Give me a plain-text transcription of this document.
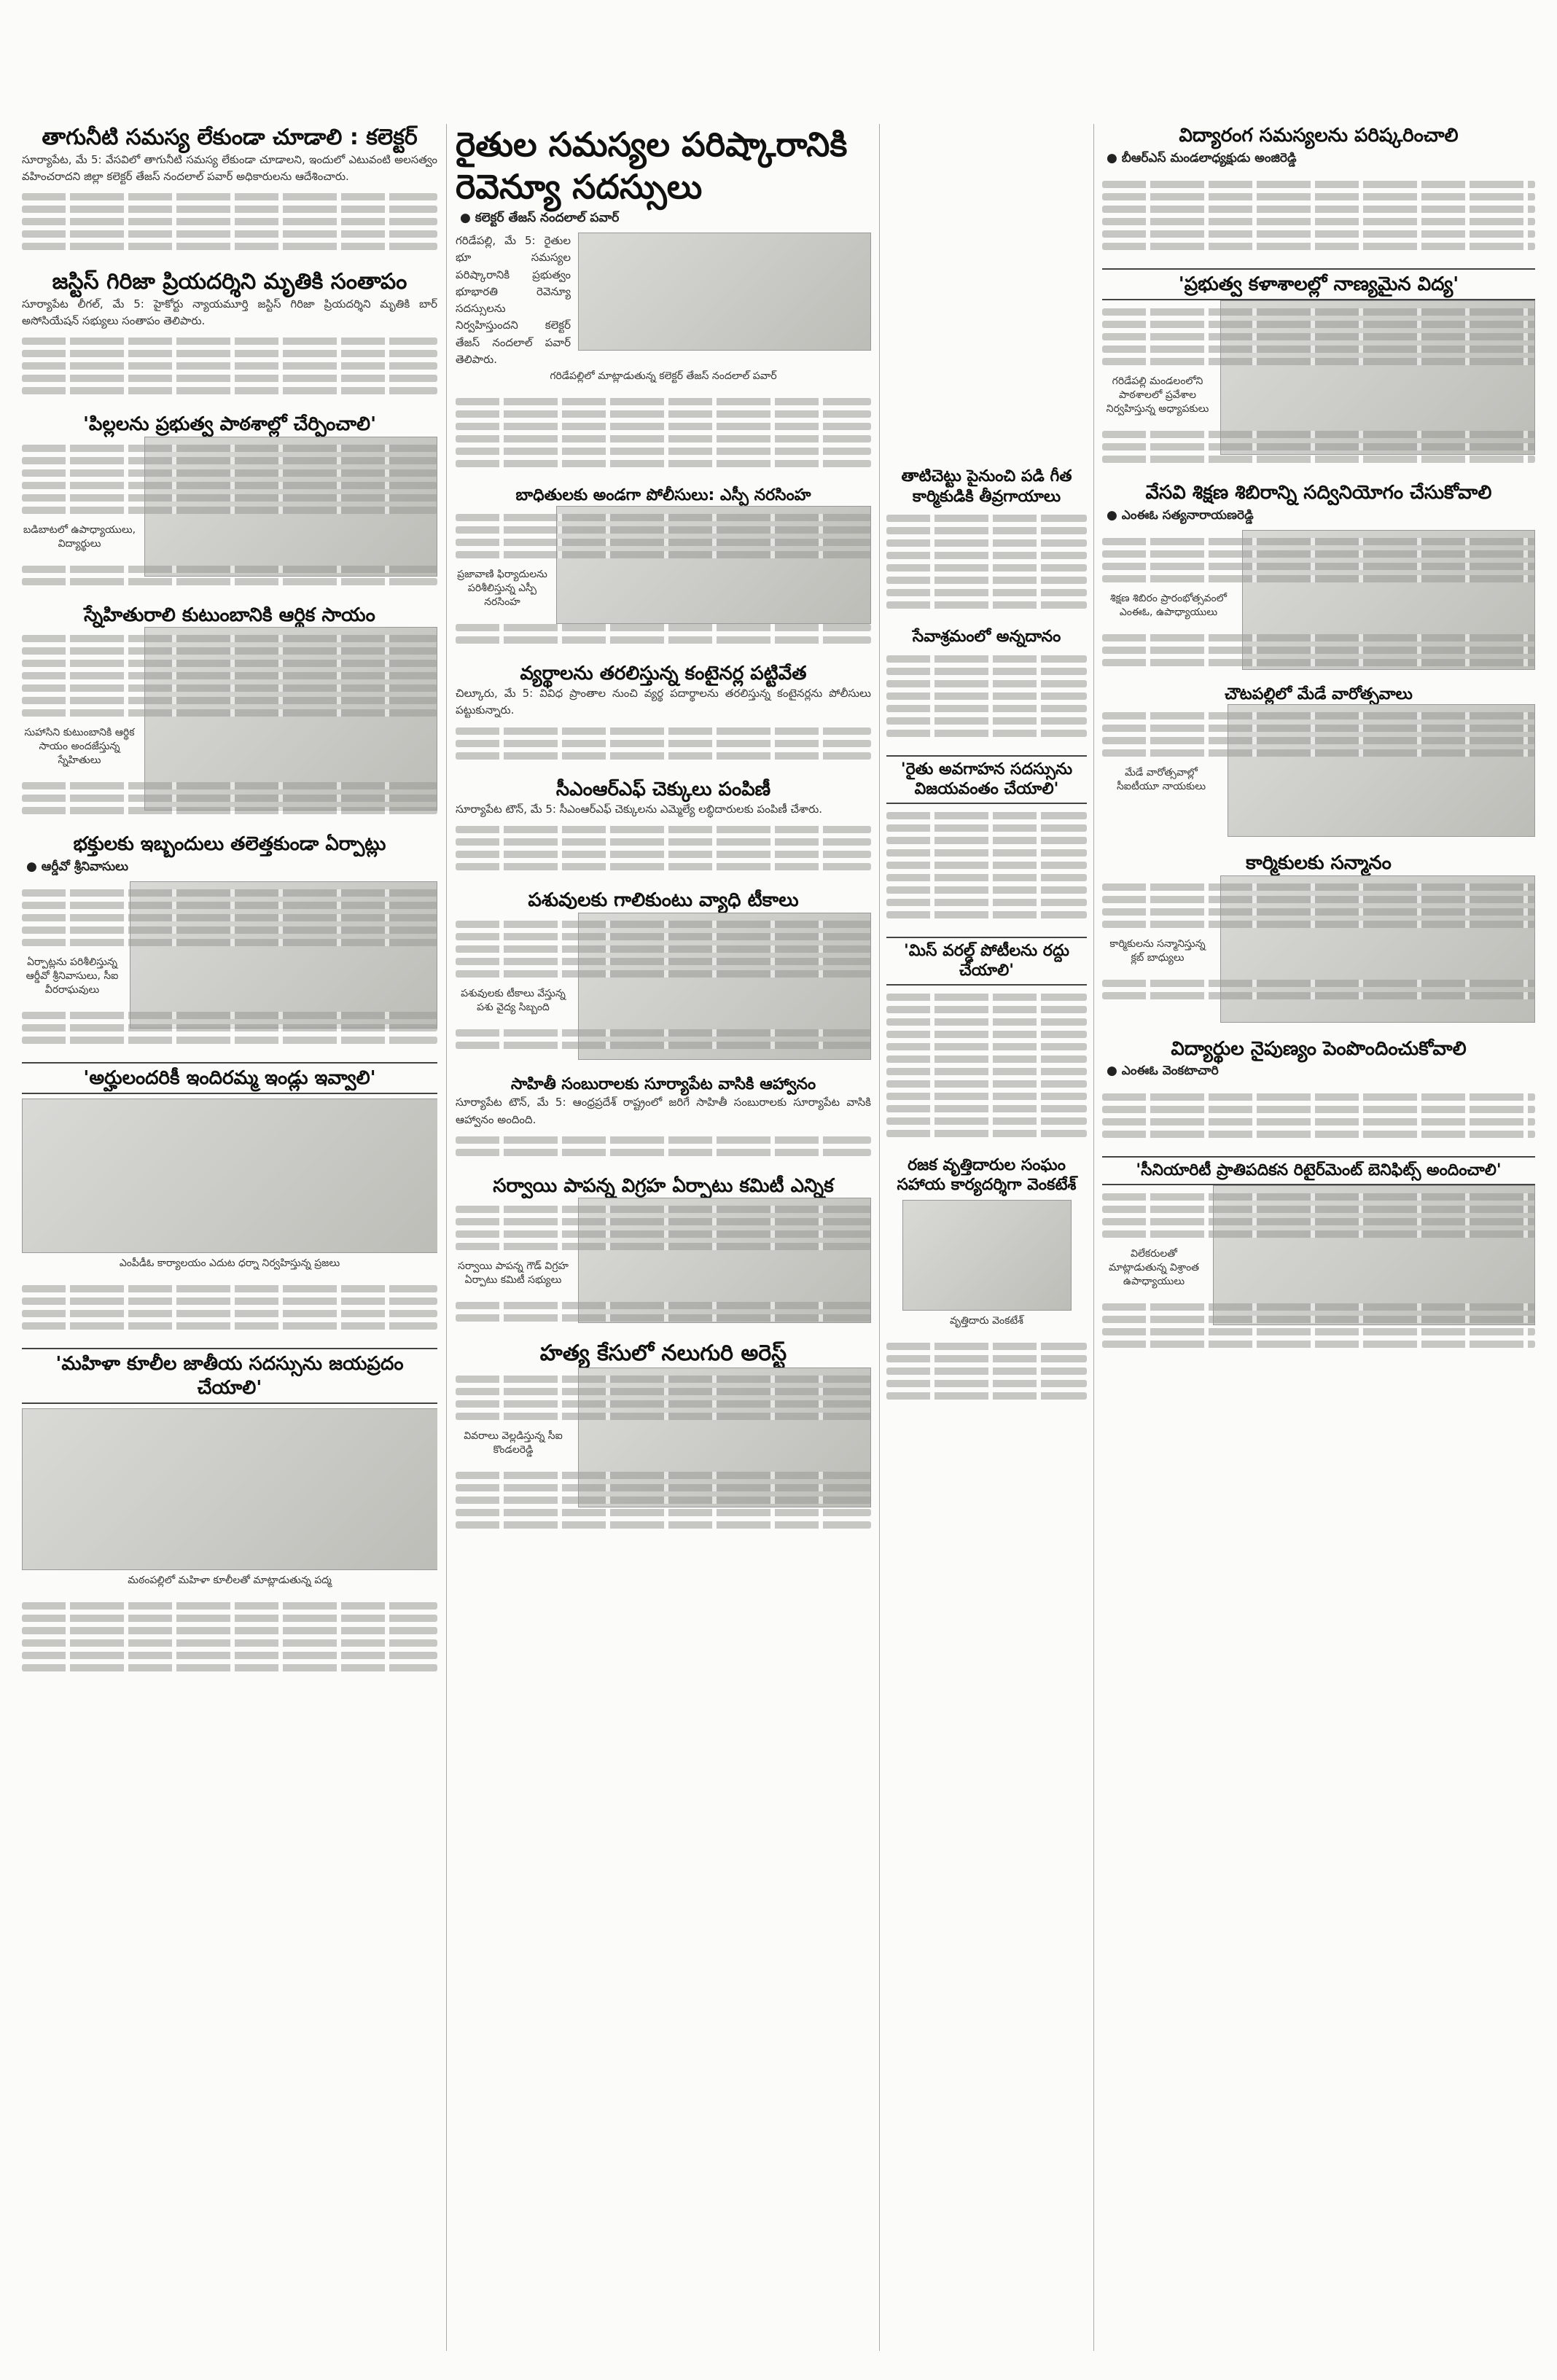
తాగునీటి సమస్య లేకుండా చూడాలి : కలెక్టర్
సూర్యాపేట, మే 5: వేసవిలో తాగునీటి సమస్య లేకుండా చూడాలని, ఇందులో ఎటువంటి అలసత్వం వహించరాదని జిల్లా కలెక్టర్ తేజస్ నందలాల్ పవార్ అధికారులను ఆదేశించారు.
జస్టిస్ గిరిజా ప్రియదర్శిని మృతికి సంతాపం
సూర్యాపేట లీగల్, మే 5: హైకోర్టు న్యాయమూర్తి జస్టిస్ గిరిజా ప్రియదర్శిని మృతికి బార్ అసోసియేషన్ సభ్యులు సంతాపం తెలిపారు.
'పిల్లలను ప్రభుత్వ పాఠశాల్లో చేర్పించాలి'
బడిబాటలో ఉపాధ్యాయులు, విద్యార్థులు
స్నేహితురాలి కుటుంబానికి ఆర్థిక సాయం
సుహాసిని కుటుంబానికి ఆర్థిక సాయం అందజేస్తున్న స్నేహితులు
భక్తులకు ఇబ్బందులు తలెత్తకుండా ఏర్పాట్లు
● ఆర్డీవో శ్రీనివాసులు
ఏర్పాట్లను పరిశీలిస్తున్న ఆర్డీవో శ్రీనివాసులు, సీఐ వీరరాఘవులు
'అర్హులందరికీ ఇందిరమ్మ ఇండ్లు ఇవ్వాలి'
ఎంపీడీఓ కార్యాలయం ఎదుట ధర్నా నిర్వహిస్తున్న ప్రజలు
'మహిళా కూలీల జాతీయ సదస్సును జయప్రదం చేయాలి'
మఠంపల్లిలో మహిళా కూలీలతో మాట్లాడుతున్న పద్మ
రైతుల సమస్యల పరిష్కారానికి రెవెన్యూ సదస్సులు
● కలెక్టర్ తేజస్ నందలాల్ పవార్
గరిడేపల్లి, మే 5: రైతుల భూ సమస్యల పరిష్కారానికి ప్రభుత్వం భూభారతి రెవెన్యూ సదస్సులను నిర్వహిస్తుందని కలెక్టర్ తేజస్ నందలాల్ పవార్ తెలిపారు.
గరిడేపల్లిలో మాట్లాడుతున్న కలెక్టర్ తేజస్ నందలాల్ పవార్
బాధితులకు అండగా పోలీసులు: ఎస్పీ నరసింహ
ప్రజావాణి ఫిర్యాదులను పరిశీలిస్తున్న ఎస్పీ నరసింహ
వ్యర్థాలను తరలిస్తున్న కంటైనర్ల పట్టివేత
చిల్కూరు, మే 5: వివిధ ప్రాంతాల నుంచి వ్యర్థ పదార్థాలను తరలిస్తున్న కంటైనర్లను పోలీసులు పట్టుకున్నారు.
సీఎంఆర్ఎఫ్ చెక్కులు పంపిణీ
సూర్యాపేట టౌన్, మే 5: సీఎంఆర్ఎఫ్ చెక్కులను ఎమ్మెల్యే లబ్ధిదారులకు పంపిణీ చేశారు.
పశువులకు గాలికుంటు వ్యాధి టీకాలు
పశువులకు టీకాలు వేస్తున్న పశు వైద్య సిబ్బంది
సాహితీ సంబురాలకు సూర్యాపేట వాసికి ఆహ్వానం
సూర్యాపేట టౌన్, మే 5: ఆంధ్రప్రదేశ్ రాష్ట్రంలో జరిగే సాహితీ సంబురాలకు సూర్యాపేట వాసికి ఆహ్వానం అందింది.
సర్వాయి పాపన్న విగ్రహ ఏర్పాటు కమిటీ ఎన్నిక
సర్వాయి పాపన్న గౌడ్ విగ్రహ ఏర్పాటు కమిటీ సభ్యులు
హత్య కేసులో నలుగురి అరెస్ట్
వివరాలు వెల్లడిస్తున్న సీఐ కొండలరెడ్డి
తాటిచెట్టు పైనుంచి పడి గీత కార్మికుడికి తీవ్రగాయాలు
సేవాశ్రమంలో అన్నదానం
'రైతు అవగాహన సదస్సును విజయవంతం చేయాలి'
'మిస్ వరల్డ్ పోటీలను రద్దు చేయాలి'
రజక వృత్తిదారుల సంఘం సహాయ కార్యదర్శిగా వెంకటేశ్
వృత్తిదారు వెంకటేశ్
విద్యారంగ సమస్యలను పరిష్కరించాలి
● బీఆర్ఎస్ మండలాధ్యక్షుడు అంజిరెడ్డి
'ప్రభుత్వ కళాశాలల్లో నాణ్యమైన విద్య'
గరిడేపల్లి మండలంలోని పాఠశాలలో ప్రవేశాల నిర్వహిస్తున్న అధ్యాపకులు
వేసవి శిక్షణ శిబిరాన్ని సద్వినియోగం చేసుకోవాలి
● ఎంఈఓ సత్యనారాయణరెడ్డి
శిక్షణ శిబిరం ప్రారంభోత్సవంలో ఎంఈఓ, ఉపాధ్యాయులు
చౌటపల్లిలో మేడే వారోత్సవాలు
మేడే వారోత్సవాల్లో సీఐటీయూ నాయకులు
కార్మికులకు సన్మానం
కార్మికులను సన్మానిస్తున్న క్లబ్ బాధ్యులు
విద్యార్థుల నైపుణ్యం పెంపొందించుకోవాలి
● ఎంఈఓ వెంకటాచారి
'సీనియారిటీ ప్రాతిపదికన రిటైర్‌మెంట్ బెనిఫిట్స్ అందించాలి'
విలేకరులతో మాట్లాడుతున్న విశ్రాంత ఉపాధ్యాయులు
